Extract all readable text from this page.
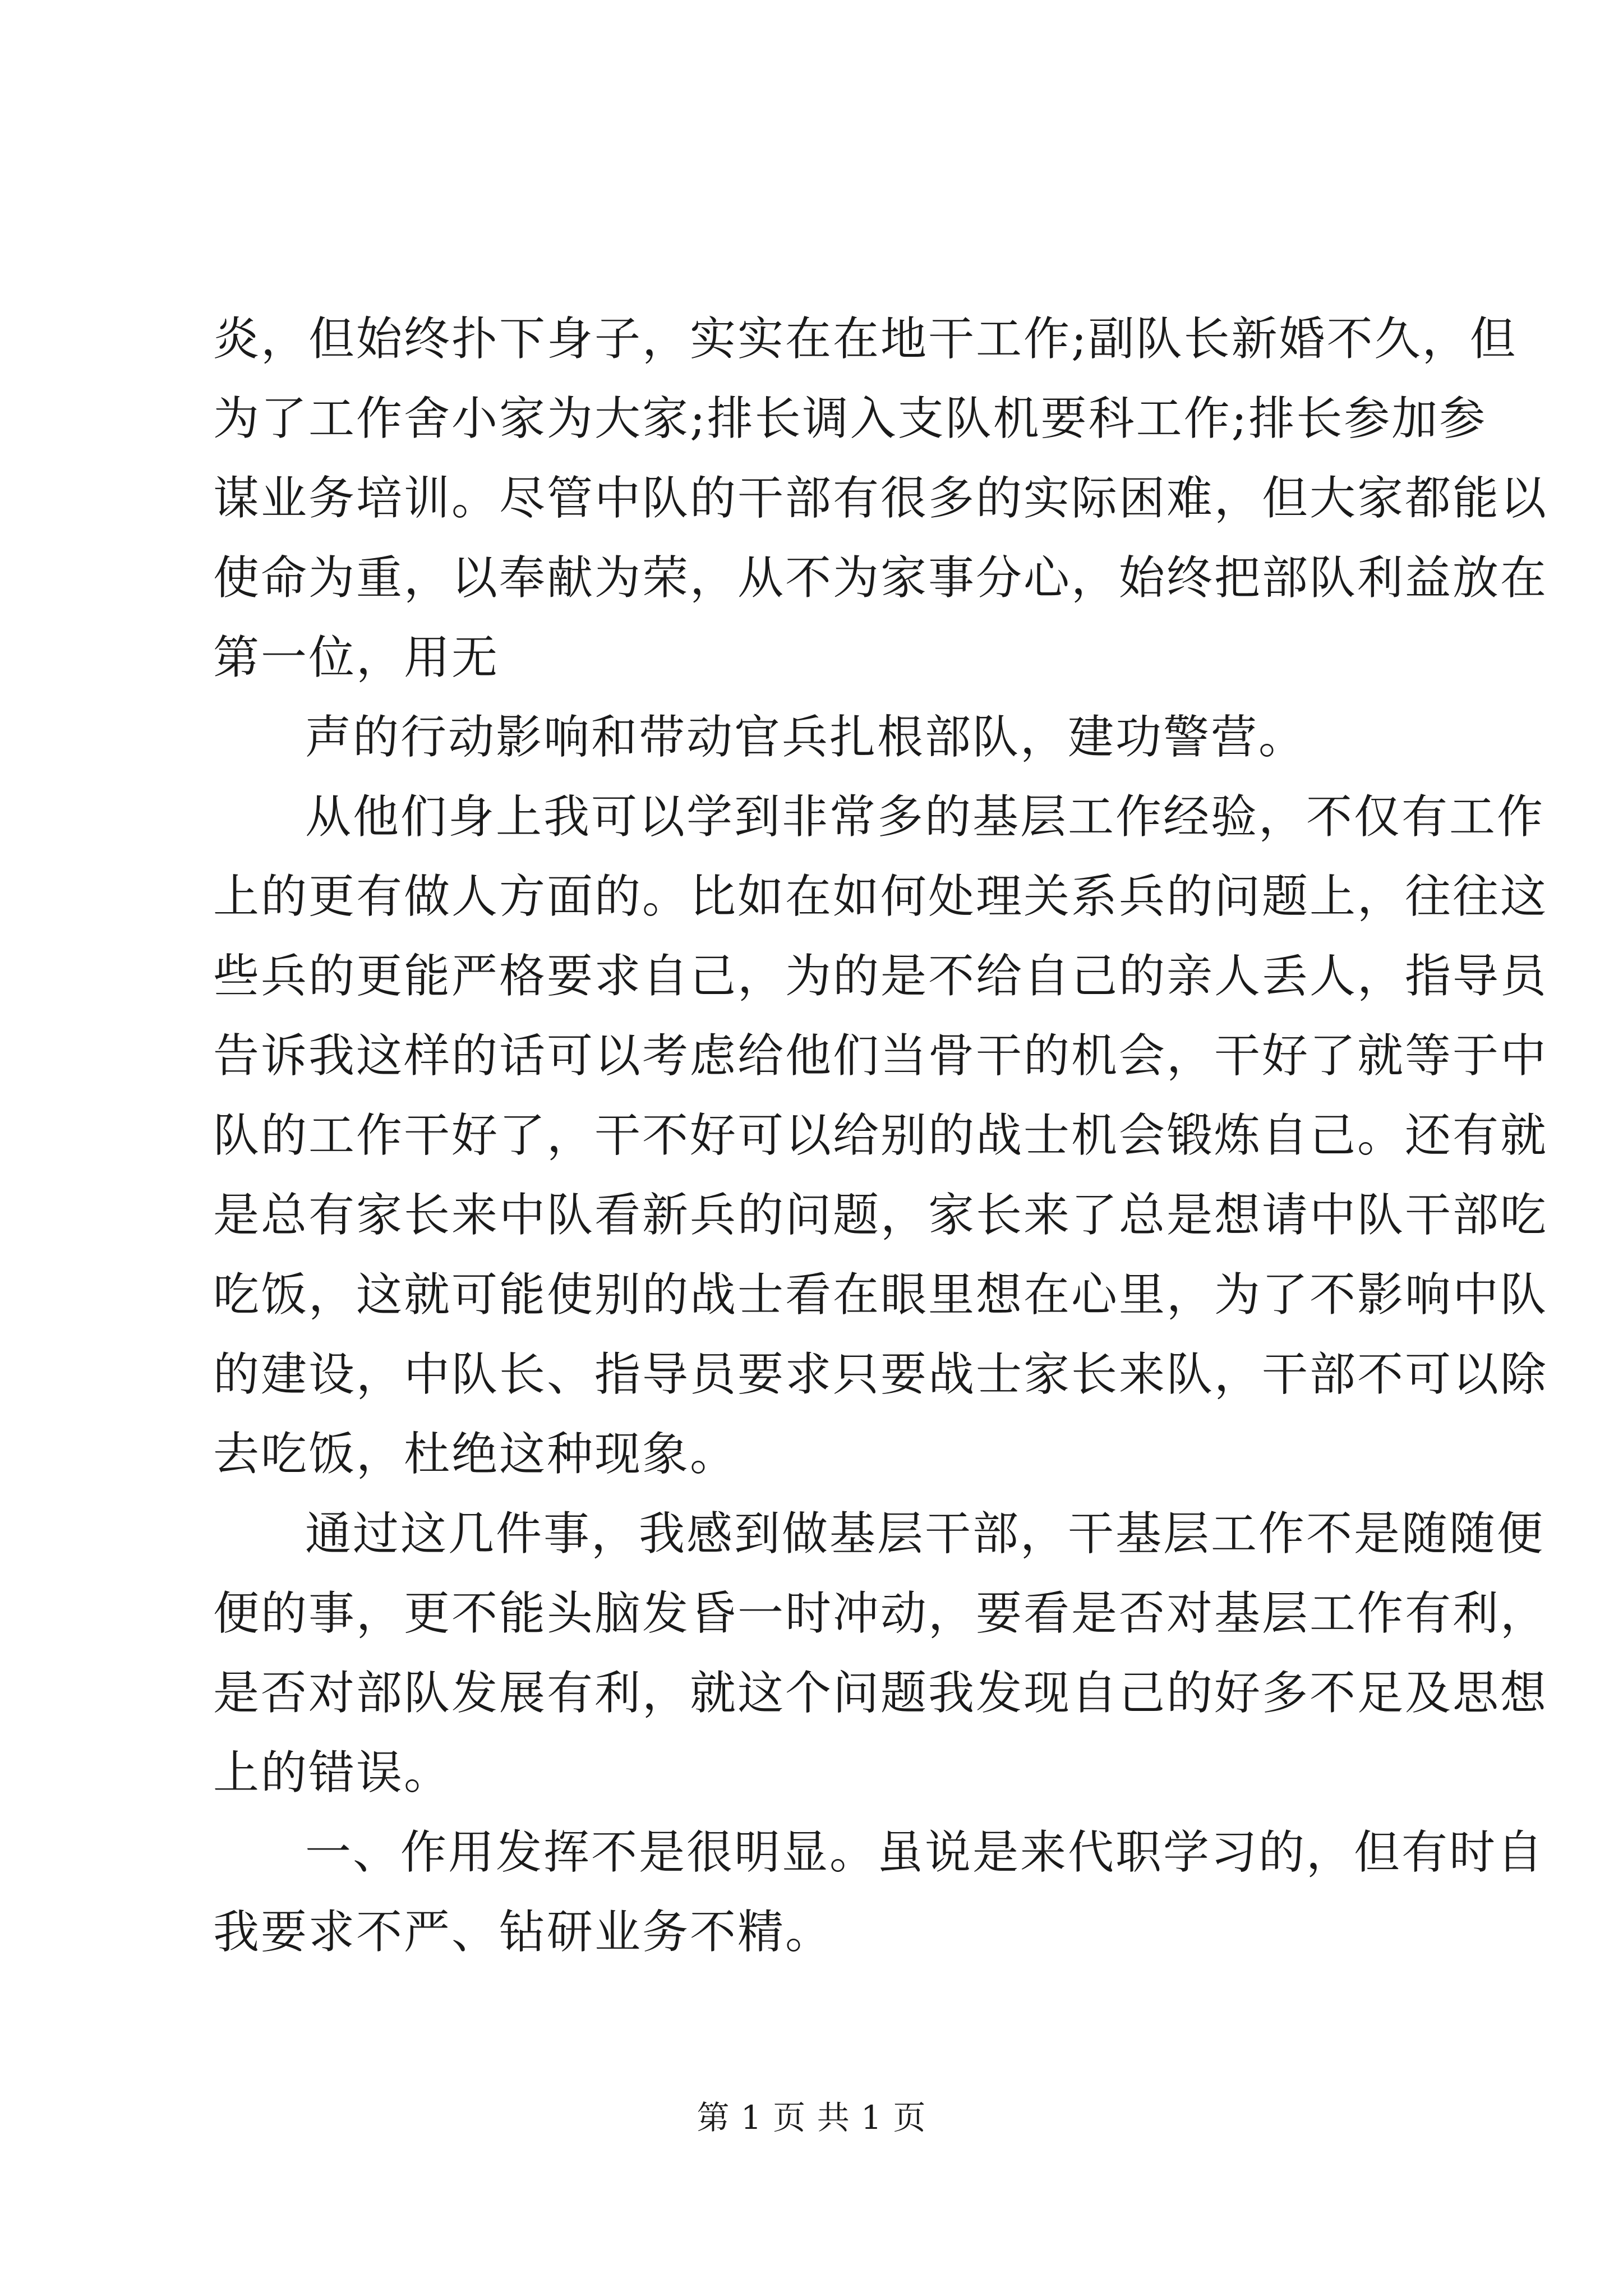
炎，但始终扑下身子，实实在在地干工作;副队长新婚不久，但
为了工作舍小家为大家;排长调入支队机要科工作;排长参加参
谋业务培训。尽管中队的干部有很多的实际困难，但大家都能以
使命为重，以奉献为荣，从不为家事分心，始终把部队利益放在
第一位，用无
声的行动影响和带动官兵扎根部队，建功警营。
从他们身上我可以学到非常多的基层工作经验，不仅有工作
上的更有做人方面的。比如在如何处理关系兵的问题上，往往这
些兵的更能严格要求自己，为的是不给自己的亲人丢人，指导员
告诉我这样的话可以考虑给他们当骨干的机会，干好了就等于中
队的工作干好了，干不好可以给别的战士机会锻炼自己。还有就
是总有家长来中队看新兵的问题，家长来了总是想请中队干部吃
吃饭，这就可能使别的战士看在眼里想在心里，为了不影响中队
的建设，中队长、指导员要求只要战士家长来队，干部不可以除
去吃饭，杜绝这种现象。
通过这几件事，我感到做基层干部，干基层工作不是随随便
便的事，更不能头脑发昏一时冲动，要看是否对基层工作有利，
是否对部队发展有利，就这个问题我发现自己的好多不足及思想
上的错误。
一、作用发挥不是很明显。虽说是来代职学习的，但有时自
我要求不严、钻研业务不精。
第 1 页 共 1 页
